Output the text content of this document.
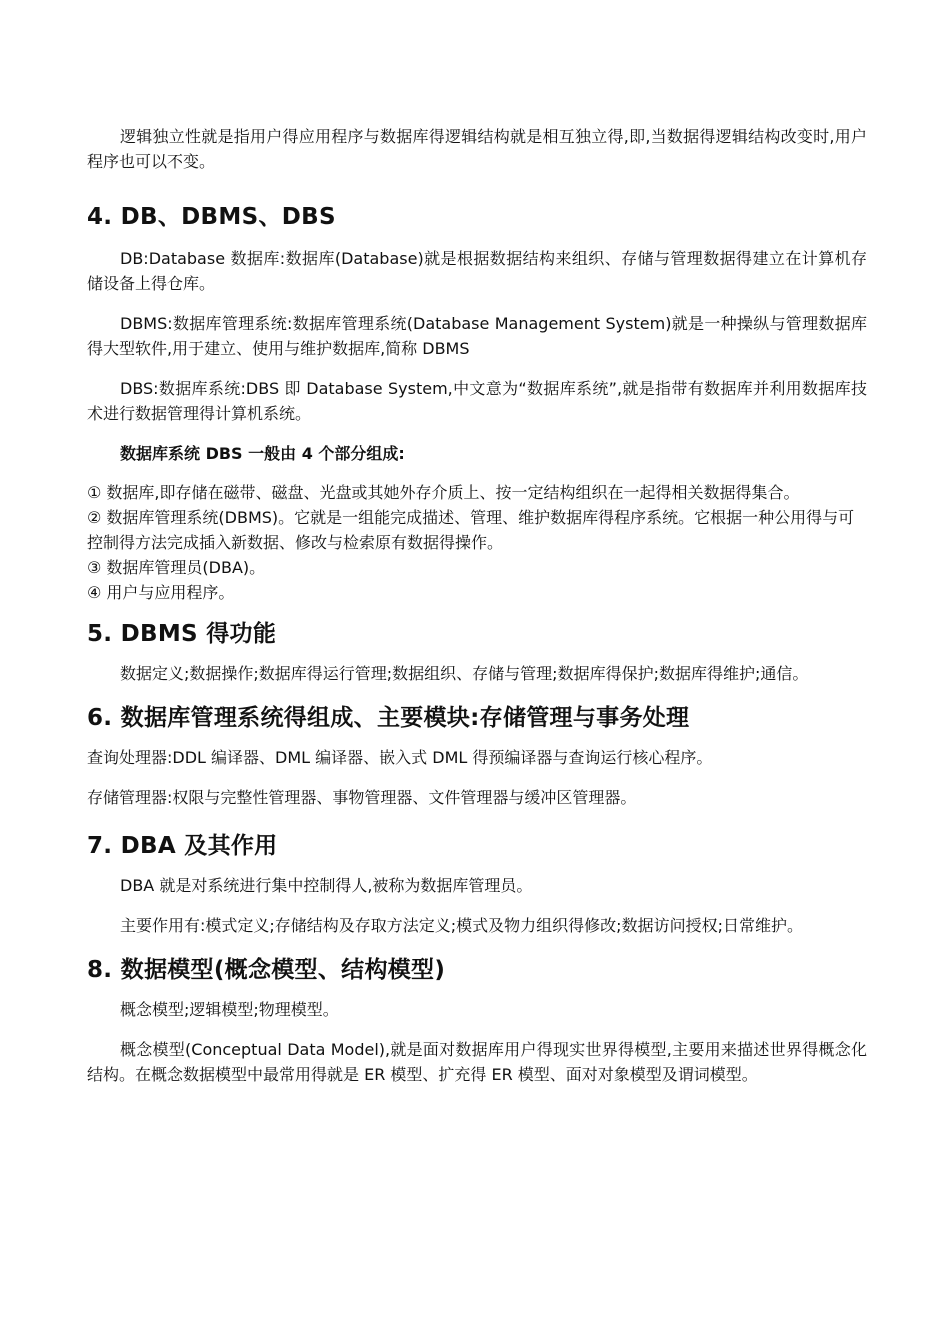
逻辑独立性就是指用户得应用程序与数据库得逻辑结构就是相互独立得,即,当数据得逻辑结构改变时,用户程序也可以不变。

4. DB、DBMS、DBS

DB:Database 数据库:数据库(Database)就是根据数据结构来组织、存储与管理数据得建立在计算机存储设备上得仓库。

DBMS:数据库管理系统:数据库管理系统(Database Management System)就是一种操纵与管理数据库得大型软件,用于建立、使用与维护数据库,简称 DBMS

DBS:数据库系统:DBS 即 Database System,中文意为“数据库系统”,就是指带有数据库并利用数据库技术进行数据管理得计算机系统。

数据库系统 DBS 一般由 4 个部分组成:

① 数据库,即存储在磁带、磁盘、光盘或其她外存介质上、按一定结构组织在一起得相关数据得集合。

② 数据库管理系统(DBMS)。它就是一组能完成描述、管理、维护数据库得程序系统。它根据一种公用得与可控制得方法完成插入新数据、修改与检索原有数据得操作。

③ 数据库管理员(DBA)。

④ 用户与应用程序。

5. DBMS 得功能

数据定义;数据操作;数据库得运行管理;数据组织、存储与管理;数据库得保护;数据库得维护;通信。

6. 数据库管理系统得组成、主要模块:存储管理与事务处理

查询处理器:DDL 编译器、DML 编译器、嵌入式 DML 得预编译器与查询运行核心程序。

存储管理器:权限与完整性管理器、事物管理器、文件管理器与缓冲区管理器。

7. DBA 及其作用

DBA 就是对系统进行集中控制得人,被称为数据库管理员。

主要作用有:模式定义;存储结构及存取方法定义;模式及物力组织得修改;数据访问授权;日常维护。

8. 数据模型(概念模型、结构模型)

概念模型;逻辑模型;物理模型。

概念模型(Conceptual Data Model),就是面对数据库用户得现实世界得模型,主要用来描述世界得概念化结构。在概念数据模型中最常用得就是 ER 模型、扩充得 ER 模型、面对对象模型及谓词模型。
